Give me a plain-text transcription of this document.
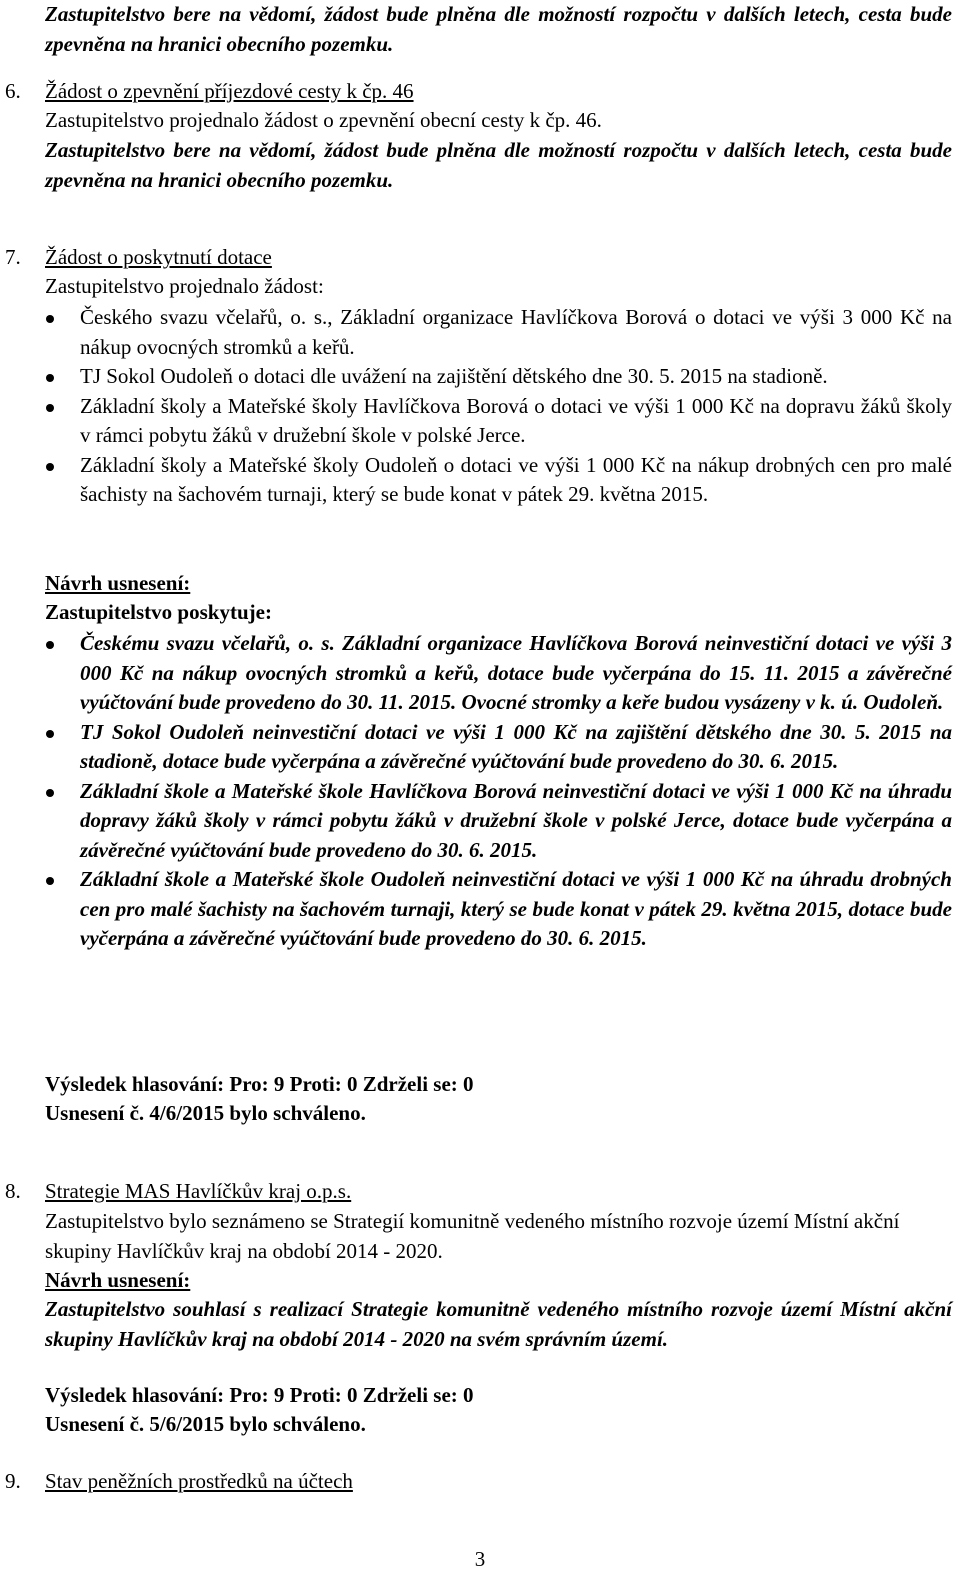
Zastupitelstvo bere na vědomí, žádost bude plněna dle možností rozpočtu v dalších letech, cesta bude zpevněna na hranici obecního pozemku.

6. Žádost o zpevnění příjezdové cesty k čp. 46

Zastupitelstvo projednalo žádost o zpevnění obecní cesty k čp. 46.

Zastupitelstvo bere na vědomí, žádost bude plněna dle možností rozpočtu v dalších letech, cesta bude zpevněna na hranici obecního pozemku.

7. Žádost o poskytnutí dotace

Zastupitelstvo projednalo žádost:

Českého svazu včelařů, o. s., Základní organizace Havlíčkova Borová o dotaci ve výši 3 000 Kč na nákup ovocných stromků a keřů.
TJ Sokol Oudoleň o dotaci dle uvážení na zajištění dětského dne 30. 5. 2015 na stadioně.
Základní školy a Mateřské školy Havlíčkova Borová o dotaci ve výši 1 000 Kč na dopravu žáků školy v rámci pobytu žáků v družební škole v polské Jerce.
Základní školy a Mateřské školy Oudoleň o dotaci ve výši 1 000 Kč na nákup drobných cen pro malé šachisty na šachovém turnaji, který se bude konat v pátek 29. května 2015.

Návrh usnesení:

Zastupitelstvo poskytuje:

Českému svazu včelařů, o. s. Základní organizace Havlíčkova Borová neinvestiční dotaci ve výši 3 000 Kč na nákup ovocných stromků a keřů, dotace bude vyčerpána do 15. 11. 2015 a závěrečné vyúčtování bude provedeno do 30. 11. 2015. Ovocné stromky a keře budou vysázeny v k. ú. Oudoleň.
TJ Sokol Oudoleň neinvestiční dotaci ve výši 1 000 Kč na zajištění dětského dne 30. 5. 2015 na stadioně, dotace bude vyčerpána a závěrečné vyúčtování bude provedeno do 30. 6. 2015.
Základní škole a Mateřské škole Havlíčkova Borová neinvestiční dotaci ve výši 1 000 Kč na úhradu dopravy žáků školy v rámci pobytu žáků v družební škole v polské Jerce, dotace bude vyčerpána a závěrečné vyúčtování bude provedeno do 30. 6. 2015.
Základní škole a Mateřské škole Oudoleň neinvestiční dotaci ve výši 1 000 Kč na úhradu drobných cen pro malé šachisty na šachovém turnaji, který se bude konat v pátek 29. května 2015, dotace bude vyčerpána a závěrečné vyúčtování bude provedeno do 30. 6. 2015.

Výsledek hlasování: Pro: 9 Proti: 0 Zdrželi se: 0

Usnesení č. 4/6/2015 bylo schváleno.

8. Strategie MAS Havlíčkův kraj o.p.s.

Zastupitelstvo bylo seznámeno se Strategií komunitně vedeného místního rozvoje území Místní akční skupiny Havlíčkův kraj na období 2014 - 2020.

Návrh usnesení:

Zastupitelstvo souhlasí s realizací Strategie komunitně vedeného místního rozvoje území Místní akční skupiny Havlíčkův kraj na období 2014 - 2020 na svém správním území.

Výsledek hlasování: Pro: 9 Proti: 0 Zdrželi se: 0

Usnesení č. 5/6/2015 bylo schváleno.

9. Stav peněžních prostředků na účtech

3
